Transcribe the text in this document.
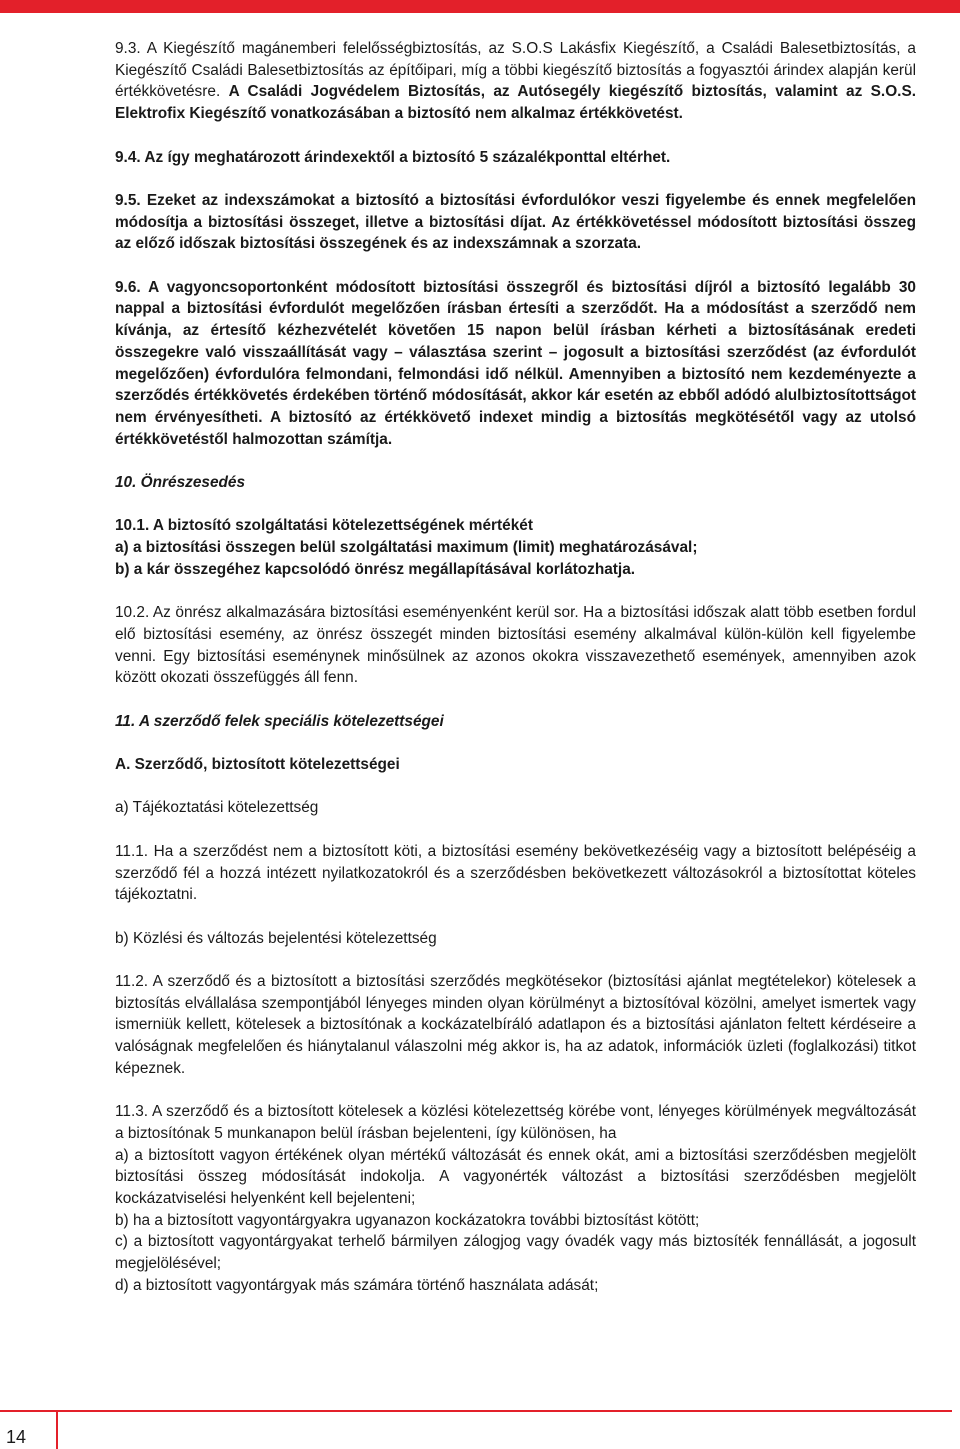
9.3. A Kiegészítő magánemberi felelősségbiztosítás, az S.O.S Lakásfix Kiegészítő, a Családi Balesetbiztosítás, a Kiegészítő Családi Balesetbiztosítás az építőipari, míg a többi kiegészítő biztosítás a fogyasztói árindex alapján kerül értékkövetésre. A Családi Jogvédelem Biztosítás, az Autósegély kiegészítő biztosítás, valamint az S.O.S. Elektrofix Kiegészítő vonatkozásában a biztosító nem alkalmaz értékkövetést.

9.4. Az így meghatározott árindexektől a biztosító 5 százalékponttal eltérhet.

9.5. Ezeket az indexszámokat a biztosító a biztosítási évfordulókor veszi figyelembe és ennek megfelelően módosítja a biztosítási összeget, illetve a biztosítási díjat. Az értékkövetéssel módosított biztosítási összeg az előző időszak biztosítási összegének és az indexszámnak a szorzata.

9.6. A vagyoncsoportonként módosított biztosítási összegről és biztosítási díjról a biztosító legalább 30 nappal a biztosítási évfordulót megelőzően írásban értesíti a szerződőt. Ha a módosítást a szerződő nem kívánja, az értesítő kézhezvételét követően 15 napon belül írásban kérheti a biztosításának eredeti összegekre való visszaállítását vagy – választása szerint – jogosult a biztosítási szerződést (az évfordulót megelőzően) évfordulóra felmondani, felmondási idő nélkül. Amennyiben a biztosító nem kezdeményezte a szerződés értékkövetés érdekében történő módosítását, akkor kár esetén az ebből adódó alulbiztosítottságot nem érvényesítheti. A biztosító az értékkövető indexet mindig a biztosítás megkötésétől vagy az utolsó értékkövetéstől halmozottan számítja.

10. Önrészesedés

10.1. A biztosító szolgáltatási kötelezettségének mértékét
a) a biztosítási összegen belül szolgáltatási maximum (limit) meghatározásával;
b) a kár összegéhez kapcsolódó önrész megállapításával korlátozhatja.

10.2. Az önrész alkalmazására biztosítási eseményenként kerül sor. Ha a biztosítási időszak alatt több esetben fordul elő biztosítási esemény, az önrész összegét minden biztosítási esemény alkalmával külön-külön kell figyelembe venni. Egy biztosítási eseménynek minősülnek az azonos okokra visszavezethető események, amennyiben azok között okozati összefüggés áll fenn.

11. A szerződő felek speciális kötelezettségei

A. Szerződő, biztosított kötelezettségei

a) Tájékoztatási kötelezettség

11.1. Ha a szerződést nem a biztosított köti, a biztosítási esemény bekövetkezéséig vagy a biztosított belépéséig a szerződő fél a hozzá intézett nyilatkozatokról és a szerződésben bekövetkezett változásokról a biztosítottat köteles tájékoztatni.

b) Közlési és változás bejelentési kötelezettség

11.2. A szerződő és a biztosított a biztosítási szerződés megkötésekor (biztosítási ajánlat megtételekor) kötelesek a biztosítás elvállalása szempontjából lényeges minden olyan körülményt a biztosítóval közölni, amelyet ismertek vagy ismerniük kellett, kötelesek a biztosítónak a kockázatelbíráló adatlapon és a biztosítási ajánlaton feltett kérdéseire a valóságnak megfelelően és hiánytalanul válaszolni még akkor is, ha az adatok, információk üzleti (foglalkozási) titkot képeznek.

11.3. A szerződő és a biztosított kötelesek a közlési kötelezettség körébe vont, lényeges körülmények megváltozását a biztosítónak 5 munkanapon belül írásban bejelenteni, így különösen, ha
a) a biztosított vagyon értékének olyan mértékű változását és ennek okát, ami a biztosítási szerződésben megjelölt biztosítási összeg módosítását indokolja. A vagyonérték változást a biztosítási szerződésben megjelölt kockázatviselési helyenként kell bejelenteni;
b) ha a biztosított vagyontárgyakra ugyanazon kockázatokra további biztosítást kötött;
c) a biztosított vagyontárgyakat terhelő bármilyen zálogjog vagy óvadék vagy más biztosíték fennállását, a jogosult megjelölésével;
d) a biztosított vagyontárgyak más számára történő használata adását;

14
